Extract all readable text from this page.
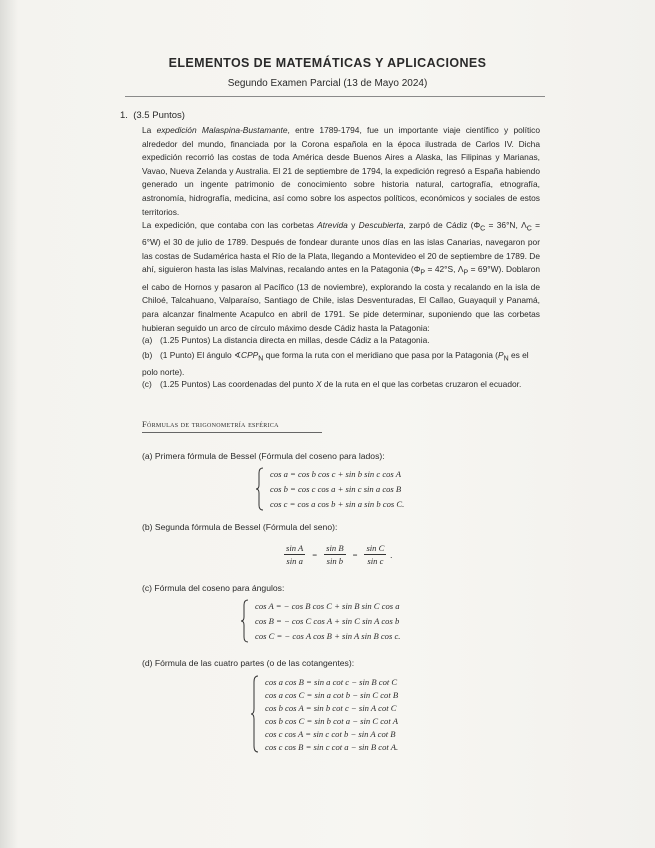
ELEMENTOS DE MATEMÁTICAS Y APLICACIONES
Segundo Examen Parcial (13 de Mayo 2024)
1. (3.5 Puntos)
La expedición Malaspina-Bustamante, entre 1789-1794, fue un importante viaje científico y político alrededor del mundo, financiada por la Corona española en la época ilustrada de Carlos IV. Dicha expedición recorrió las costas de toda América desde Buenos Aires a Alaska, las Filipinas y Marianas, Vavao, Nueva Zelanda y Australia. El 21 de septiembre de 1794, la expedición regresó a España habiendo generado un ingente patrimonio de conocimiento sobre historia natural, cartografía, etnografía, astronomía, hidrografía, medicina, así como sobre los aspectos políticos, económicos y sociales de estos territorios.
La expedición, que contaba con las corbetas Atrevida y Descubierta, zarpó de Cádiz ($\Phi_C = 36^\circ N$, $\Lambda_C = 6^\circ W$) el 30 de julio de 1789. Después de fondear durante unos días en las islas Canarias, navegaron por las costas de Sudamérica hasta el Río de la Plata, llegando a Montevideo el 20 de septiembre de 1789. De ahí, siguieron hasta las islas Malvinas, recalando antes en la Patagonia ($\Phi_P = 42^\circ S$, $\Lambda_P = 69^\circ W$). Doblaron el cabo de Hornos y pasaron al Pacífico (13 de noviembre), explorando la costa y recalando en la isla de Chiloé, Talcahuano, Valparaíso, Santiago de Chile, islas Desventuradas, El Callao, Guayaquil y Panamá, para alcanzar finalmente Acapulco en abril de 1791. Se pide determinar, suponiendo que las corbetas hubieran seguido un arco de círculo máximo desde Cádiz hasta la Patagonia:
(a) (1.25 Puntos) La distancia directa en millas, desde Cádiz a la Patagonia.
(b) (1 Punto) El ángulo $∢CPP_N$ que forma la ruta con el meridiano que pasa por la Patagonia ($P_N$ es el polo norte).
(c) (1.25 Puntos) Las coordenadas del punto X de la ruta en el que las corbetas cruzaron el ecuador.
Fórmulas de trigonometría esférica
(a) Primera fórmula de Bessel (Fórmula del coseno para lados):
cos a = cos b cos c + sin b sin c cos A
cos b = cos c cos a + sin c sin a cos B
cos c = cos a cos b + sin a sin b cos C.
(b) Segunda fórmula de Bessel (Fórmula del seno):
$\frac{\text{sin A}}{\text{sin a}} = \frac{\text{sin B}}{\text{sin b}} = \frac{\text{sin C}}{\text{sin c}}$ .
(c) Fórmula del coseno para ángulos:
cos A = − cos B cos C + sin B sin C cos a
cos B = − cos C cos A + sin C sin A cos b
cos C = − cos A cos B + sin A sin B cos c.
(d) Fórmula de las cuatro partes (o de las cotangentes):
cos a cos B = sin a cot c − sin B cot C
cos a cos C = sin a cot b − sin C cot B
cos b cos A = sin b cot c − sin A cot C
cos b cos C = sin b cot a − sin C cot A
cos c cos A = sin c cot b − sin A cot B
cos c cos B = sin c cot a − sin B cot A.
